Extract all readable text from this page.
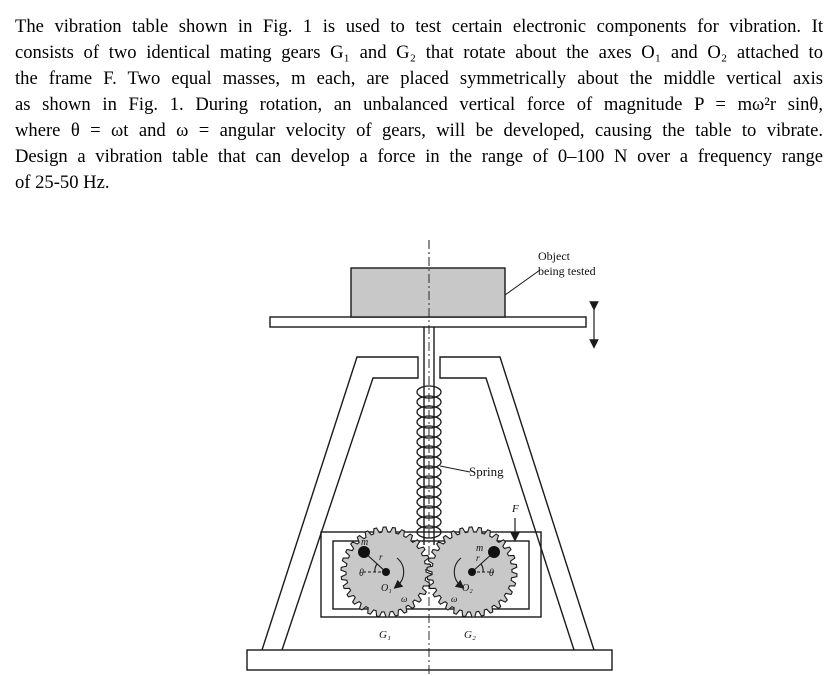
The vibration table shown in Fig. 1 is used to test certain electronic components for vibration. It
consists of two identical mating gears G₁ and G₂ that rotate about the axes O₁ and O₂ attached to
the frame F. Two equal masses, m each, are placed symmetrically about the middle vertical axis
as shown in Fig. 1. During rotation, an unbalanced vertical force of magnitude P = mω²r sinθ,
where θ = ωt and ω = angular velocity of gears, will be developed, causing the table to vibrate.
Design a vibration table that can develop a force in the range of 0–100 N over a frequency range
of 25-50 Hz.
Object
being tested
Spring
F
m
r
θ
O₁
ω
G₁
m
r
θ
O₂
ω
G₂
